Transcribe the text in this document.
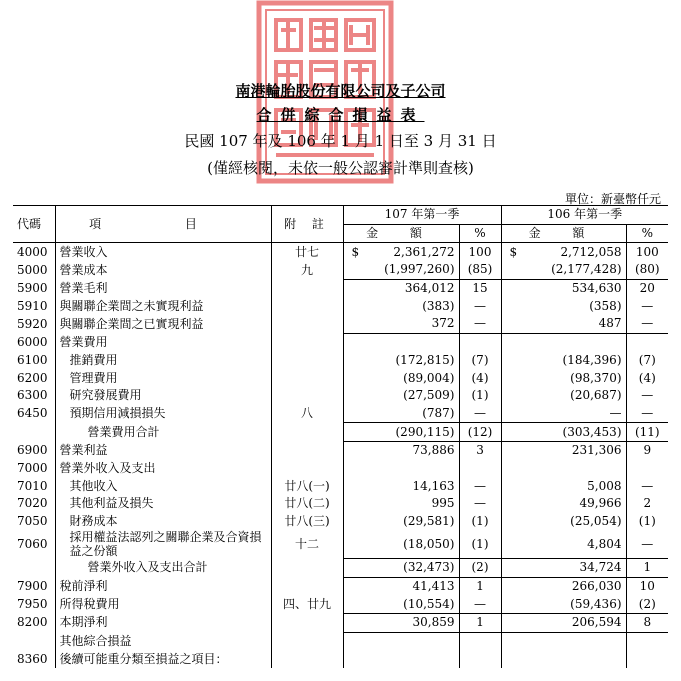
南港輪胎股份有限公司及子公司
合併綜合損益表
民國 107 年及 106 年 1 月 1 日至 3 月 31 日
(僅經核閱，未依一般公認審計準則查核)
單位：新臺幣仟元
代碼	項 目	附 註	107 年第一季			106 年第一季		
			金 額		%	金 額		%
4000	營業收入	廿七	$	2,361,272	100	$	2,712,058	100
5000	營業成本	九		(1,997,260)	(85)		(2,177,428)	(80)
5900	營業毛利			364,012	15		534,630	20
5910	與關聯企業間之未實現利益			(383)	—		(358)	—
5920	與關聯企業間之已實現利益			372	—		487	—
6000	營業費用							
6100	推銷費用			(172,815)	(7)		(184,396)	(7)
6200	管理費用			(89,004)	(4)		(98,370)	(4)
6300	研究發展費用			(27,509)	(1)		(20,687)	—
6450	預期信用減損損失	八		(787)	—		—	—
	營業費用合計			(290,115)	(12)		(303,453)	(11)
6900	營業利益			73,886	3		231,306	9
7000	營業外收入及支出							
7010	其他收入	廿八(一)		14,163	—		5,008	—
7020	其他利益及損失	廿八(二)		995	—		49,966	2
7050	財務成本	廿八(三)		(29,581)	(1)		(25,054)	(1)
7060	採用權益法認列之關聯企業及合資損益之份額	十二		(18,050)	(1)		4,804	—
	營業外收入及支出合計			(32,473)	(2)		34,724	1
7900	稅前淨利			41,413	1		266,030	10
7950	所得稅費用	四、廿九		(10,554)	—		(59,436)	(2)
8200	本期淨利			30,859	1		206,594	8
	其他綜合損益							
8360	後續可能重分類至損益之項目：							
